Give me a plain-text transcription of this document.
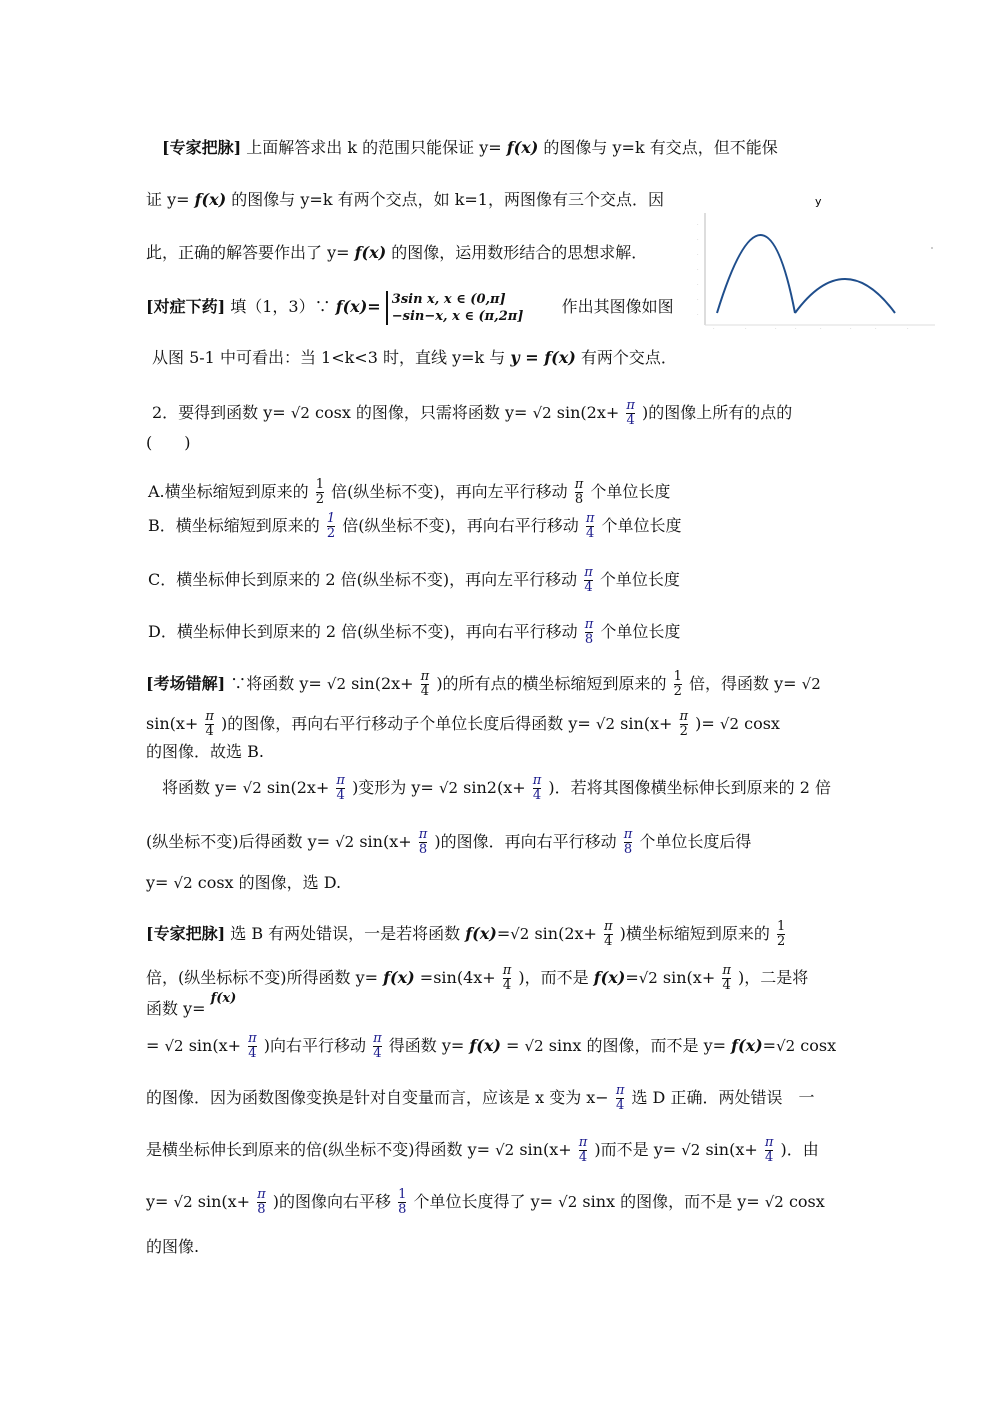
[专家把脉] 上面解答求出 k 的范围只能保证 y= f(x) 的图像与 y=k 有交点，但不能保
证 y= f(x) 的图像与 y=k 有两个交点，如 k=1，两图像有三个交点．因
此，正确的解答要作出了 y= f(x) 的图像，运用数形结合的思想求解．
[对症下药] 填（1，3）∵ f(x)= 3sin x, x ∈ (0,π]
−sin−x, x ∈ (π,2π] 作出其图像如图
从图 5-1 中可看出：当 1<k<3 时，直线 y=k 与 y = f(x) 有两个交点．
y
.
.
.
.
.
.
.
.	.	.	.	.	.	.	.
2．要得到函数 y= √2 cosx 的图像，只需将函数 y= √2 $\sin(2x+ \frac{\pi}{4}$ )的图像上所有的点的
(　　)
A.横坐标缩短到原来的 $\frac{1}{2}$ 倍(纵坐标不变)，再向左平行移动 $\frac{\pi}{8}$ 个单位长度
B．横坐标缩短到原来的 $\frac{1}{2}$ 倍(纵坐标不变)，再向右平行移动 $\frac{\pi}{4}$ 个单位长度
C．横坐标伸长到原来的 2 倍(纵坐标不变)，再向左平行移动 $\frac{\pi}{4}$ 个单位长度
D．横坐标伸长到原来的 2 倍(纵坐标不变)，再向右平行移动 $\frac{\pi}{8}$ 个单位长度
[考场错解] ∵将函数 y= √2 $\sin(2x+ \frac{\pi}{4}$ )的所有点的横坐标缩短到原来的 $\frac{1}{2}$ 倍，得函数 y= √2
$\sin(x+ \frac{\pi}{4}$ )的图像，再向右平行移动子个单位长度后得函数 y= √2 $\sin(x+ \frac{\pi}{2}$ )= √2 cosx
的图像．故选 B.
将函数 y= √2 $\sin(2x+ \frac{\pi}{4}$ )变形为 y= √2 $\sin 2(x+ \frac{\pi}{4}$ )．若将其图像横坐标伸长到原来的 2 倍
(纵坐标不变)后得函数 y= √2 $\sin(x+ \frac{\pi}{8}$ )的图像．再向右平行移动 $\frac{\pi}{8}$ 个单位长度后得
y= √2 cosx 的图像，选 D.
[专家把脉] 选 B 有两处错误，一是若将函数 f(x)=√2 $\sin(2x+ \frac{\pi}{4}$ )横坐标缩短到原来的 $\frac{1}{2}$
倍，(纵坐标标不变)所得函数 $y= f(x) =\sin(4x+ \frac{\pi}{4}$ )，而不是 f(x)=√2 $\sin(x+ \frac{\pi}{4}$ )，二是将
函数 y= $^{f(x)}$
= √2 $\sin(x+ \frac{\pi}{4}$ )向右平行移动 $\frac{\pi}{4}$ 得函数 y= f(x) = √2 sinx 的图像，而不是 y= f(x)=√2 cosx
的图像．因为函数图像变换是针对自变量而言，应该是 x 变为 $x- \frac{\pi}{4}$ 选 D 正确．两处错误　一
是横坐标伸长到原来的倍(纵坐标不变)得函数 y= √2 $\sin(x+ \frac{\pi}{4}$ )而不是 y= √2 $\sin(x+ \frac{\pi}{4}$ )．由
y= √2 $\sin(x+ \frac{\pi}{8}$ )的图像向右平移 $\frac{1}{8}$ 个单位长度得了 y= √2 sinx 的图像，而不是 y= √2 cosx
的图像.
